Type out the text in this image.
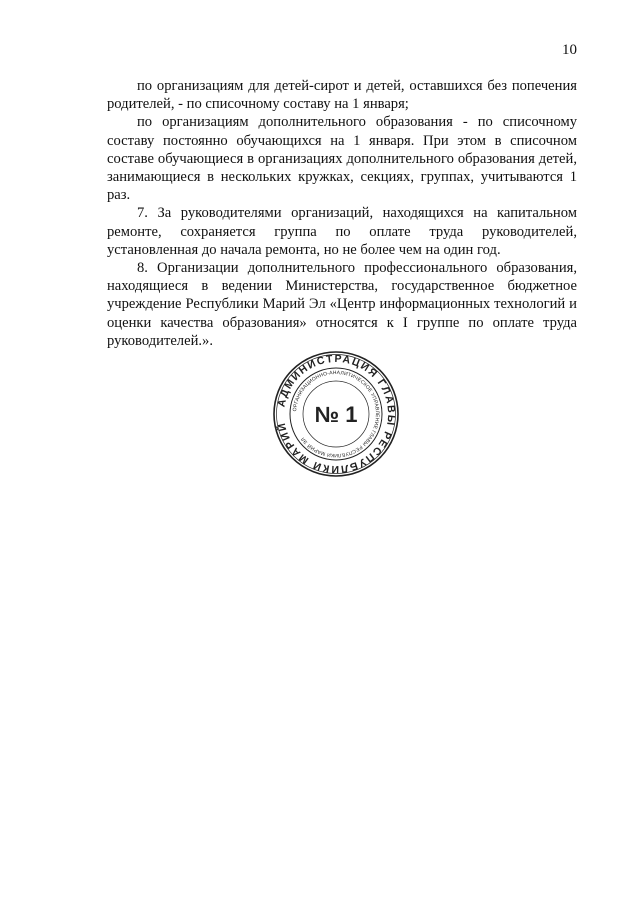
10

по организациям для детей-сирот и детей, оставшихся без попечения родителей, - по списочному составу на 1 января;

по организациям дополнительного образования - по списочному составу постоянно обучающихся на 1 января. При этом в списочном составе обучающиеся в организациях дополнительного образования детей, занимающиеся в нескольких кружках, секциях, группах, учитываются 1 раз.

7. За руководителями организаций, находящихся на капитальном ремонте, сохраняется группа по оплате труда руководителей, установленная до начала ремонта, но не более чем на один год.

8. Организации дополнительного профессионального образования, находящиеся в ведении Министерства, государственное бюджетное учреждение Республики Марий Эл «Центр информационных технологий и оценки качества образования» относятся к I группе по оплате труда руководителей.».

АДМИНИСТРАЦИЯ ГЛАВЫ РЕСПУБЛИКИ МАРИЙ
ОРГАНИЗАЦИОННО-АНАЛИТИЧЕСКОЕ УПРАВЛЕНИЕ ГЛАВЫ РЕСПУБЛИКИ МАРИЙ ЭЛ
№ 1
